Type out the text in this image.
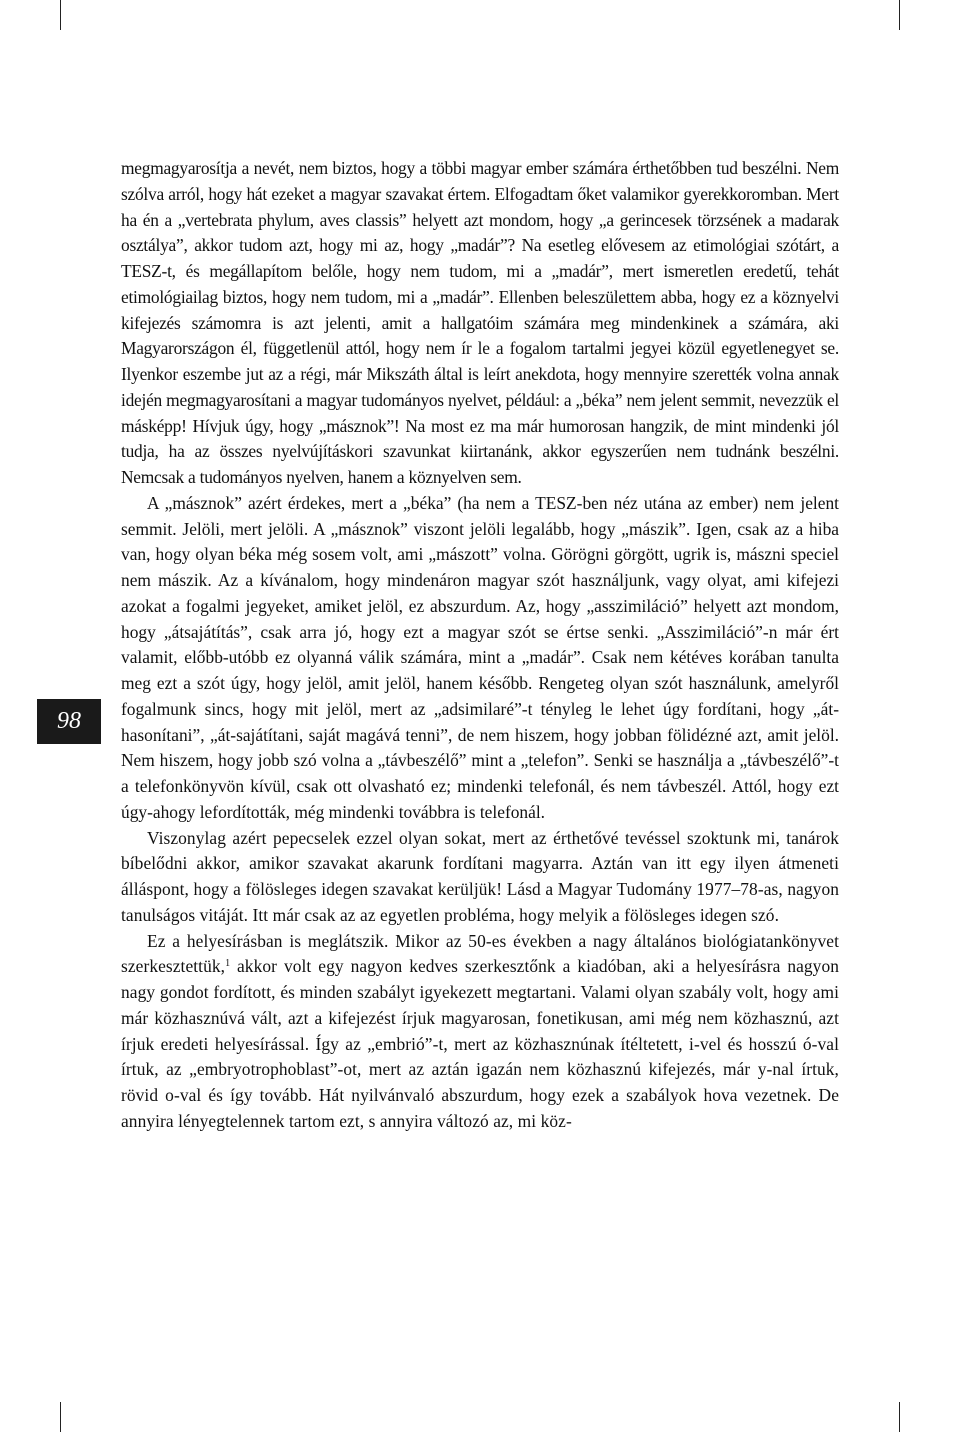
98

megmagyarosítja a nevét, nem biztos, hogy a többi magyar ember számára érthetőbben tud beszélni. Nem szólva arról, hogy hát ezeket a magyar szavakat értem. Elfogadtam őket valamikor gyerekkoromban. Mert ha én a „vertebrata phylum, aves classis” helyett azt mondom, hogy „a gerincesek törzsének a madarak osztálya”, akkor tudom azt, hogy mi az, hogy „madár”? Na esetleg elővesem az etimológiai szótárt, a TESZ-t, és megállapítom belőle, hogy nem tudom, mi a „madár”, mert ismeretlen eredetű, tehát etimológiailag biztos, hogy nem tudom, mi a „madár”. Ellenben beleszülettem abba, hogy ez a köznyelvi kifejezés számomra is azt jelenti, amit a hallgatóim számára meg mindenkinek a számára, aki Magyarországon él, függetlenül attól, hogy nem ír le a fogalom tartalmi jegyei közül egyetlenegyet se. Ilyenkor eszembe jut az a régi, már Mikszáth által is leírt anekdota, hogy mennyire szerették volna annak idején megmagyarosítani a magyar tudományos nyelvet, például: a „béka” nem jelent semmit, nevezzük el másképp! Hívjuk úgy, hogy „másznok”! Na most ez ma már humorosan hangzik, de mint mindenki jól tudja, ha az összes nyelvújításkori szavunkat kiirtanánk, akkor egyszerűen nem tudnánk beszélni. Nemcsak a tudományos nyelven, hanem a köznyelven sem.

A „másznok” azért érdekes, mert a „béka” (ha nem a TESZ-ben néz utána az ember) nem jelent semmit. Jelöli, mert jelöli. A „másznok” viszont jelöli legalább, hogy „mászik”. Igen, csak az a hiba van, hogy olyan béka még sosem volt, ami „mászott” volna. Görögni görgött, ugrik is, mászni speciel nem mászik. Az a kívánalom, hogy mindenáron magyar szót használjunk, vagy olyat, ami kifejezi azokat a fogalmi jegyeket, amiket jelöl, ez abszurdum. Az, hogy „asszimiláció” helyett azt mondom, hogy „átsajátítás”, csak arra jó, hogy ezt a magyar szót se értse senki. „Asszimiláció”-n már ért valamit, előbb-utóbb ez olyanná válik számára, mint a „madár”. Csak nem kétéves korában tanulta meg ezt a szót úgy, hogy jelöl, amit jelöl, hanem később. Rengeteg olyan szót használunk, amelyről fogalmunk sincs, hogy mit jelöl, mert az „adsimilaré”-t tényleg le lehet úgy fordítani, hogy „át-hasonítani”, „át-sajátítani, saját magává tenni”, de nem hiszem, hogy jobban fölidézné azt, amit jelöl. Nem hiszem, hogy jobb szó volna a „távbeszélő” mint a „telefon”. Senki se használja a „távbeszélő”-t a telefonkönyvön kívül, csak ott olvasható ez; mindenki telefonál, és nem távbeszél. Attól, hogy ezt úgy-ahogy lefordították, még mindenki továbbra is telefonál.

Viszonylag azért pepecselek ezzel olyan sokat, mert az érthetővé tevéssel szoktunk mi, tanárok bíbelődni akkor, amikor szavakat akarunk fordítani magyarra. Aztán van itt egy ilyen átmeneti álláspont, hogy a fölösleges idegen szavakat kerüljük! Lásd a Magyar Tudomány 1977–78-as, nagyon tanulságos vitáját. Itt már csak az az egyetlen probléma, hogy melyik a fölösleges idegen szó.

Ez a helyesírásban is meglátszik. Mikor az 50-es években a nagy általános biológiatankönyvet szerkesztettük,$^1$ akkor volt egy nagyon kedves szerkesztőnk a kiadóban, aki a helyesírásra nagyon nagy gondot fordított, és minden szabályt igyekezett megtartani. Valami olyan szabály volt, hogy ami már közhasznúvá vált, azt a kifejezést írjuk magyarosan, fonetikusan, ami még nem közhasznú, azt írjuk eredeti helyesírással. Így az „embrió”-t, mert az közhasznúnak ítéltetett, i-vel és hosszú ó-val írtuk, az „embryotrophoblast”-ot, mert az aztán igazán nem közhasznú kifejezés, már y-nal írtuk, rövid o-val és így tovább. Hát nyilvánvaló abszurdum, hogy ezek a szabályok hova vezetnek. De annyira lényegtelennek tartom ezt, s annyira változó az, mi köz-
